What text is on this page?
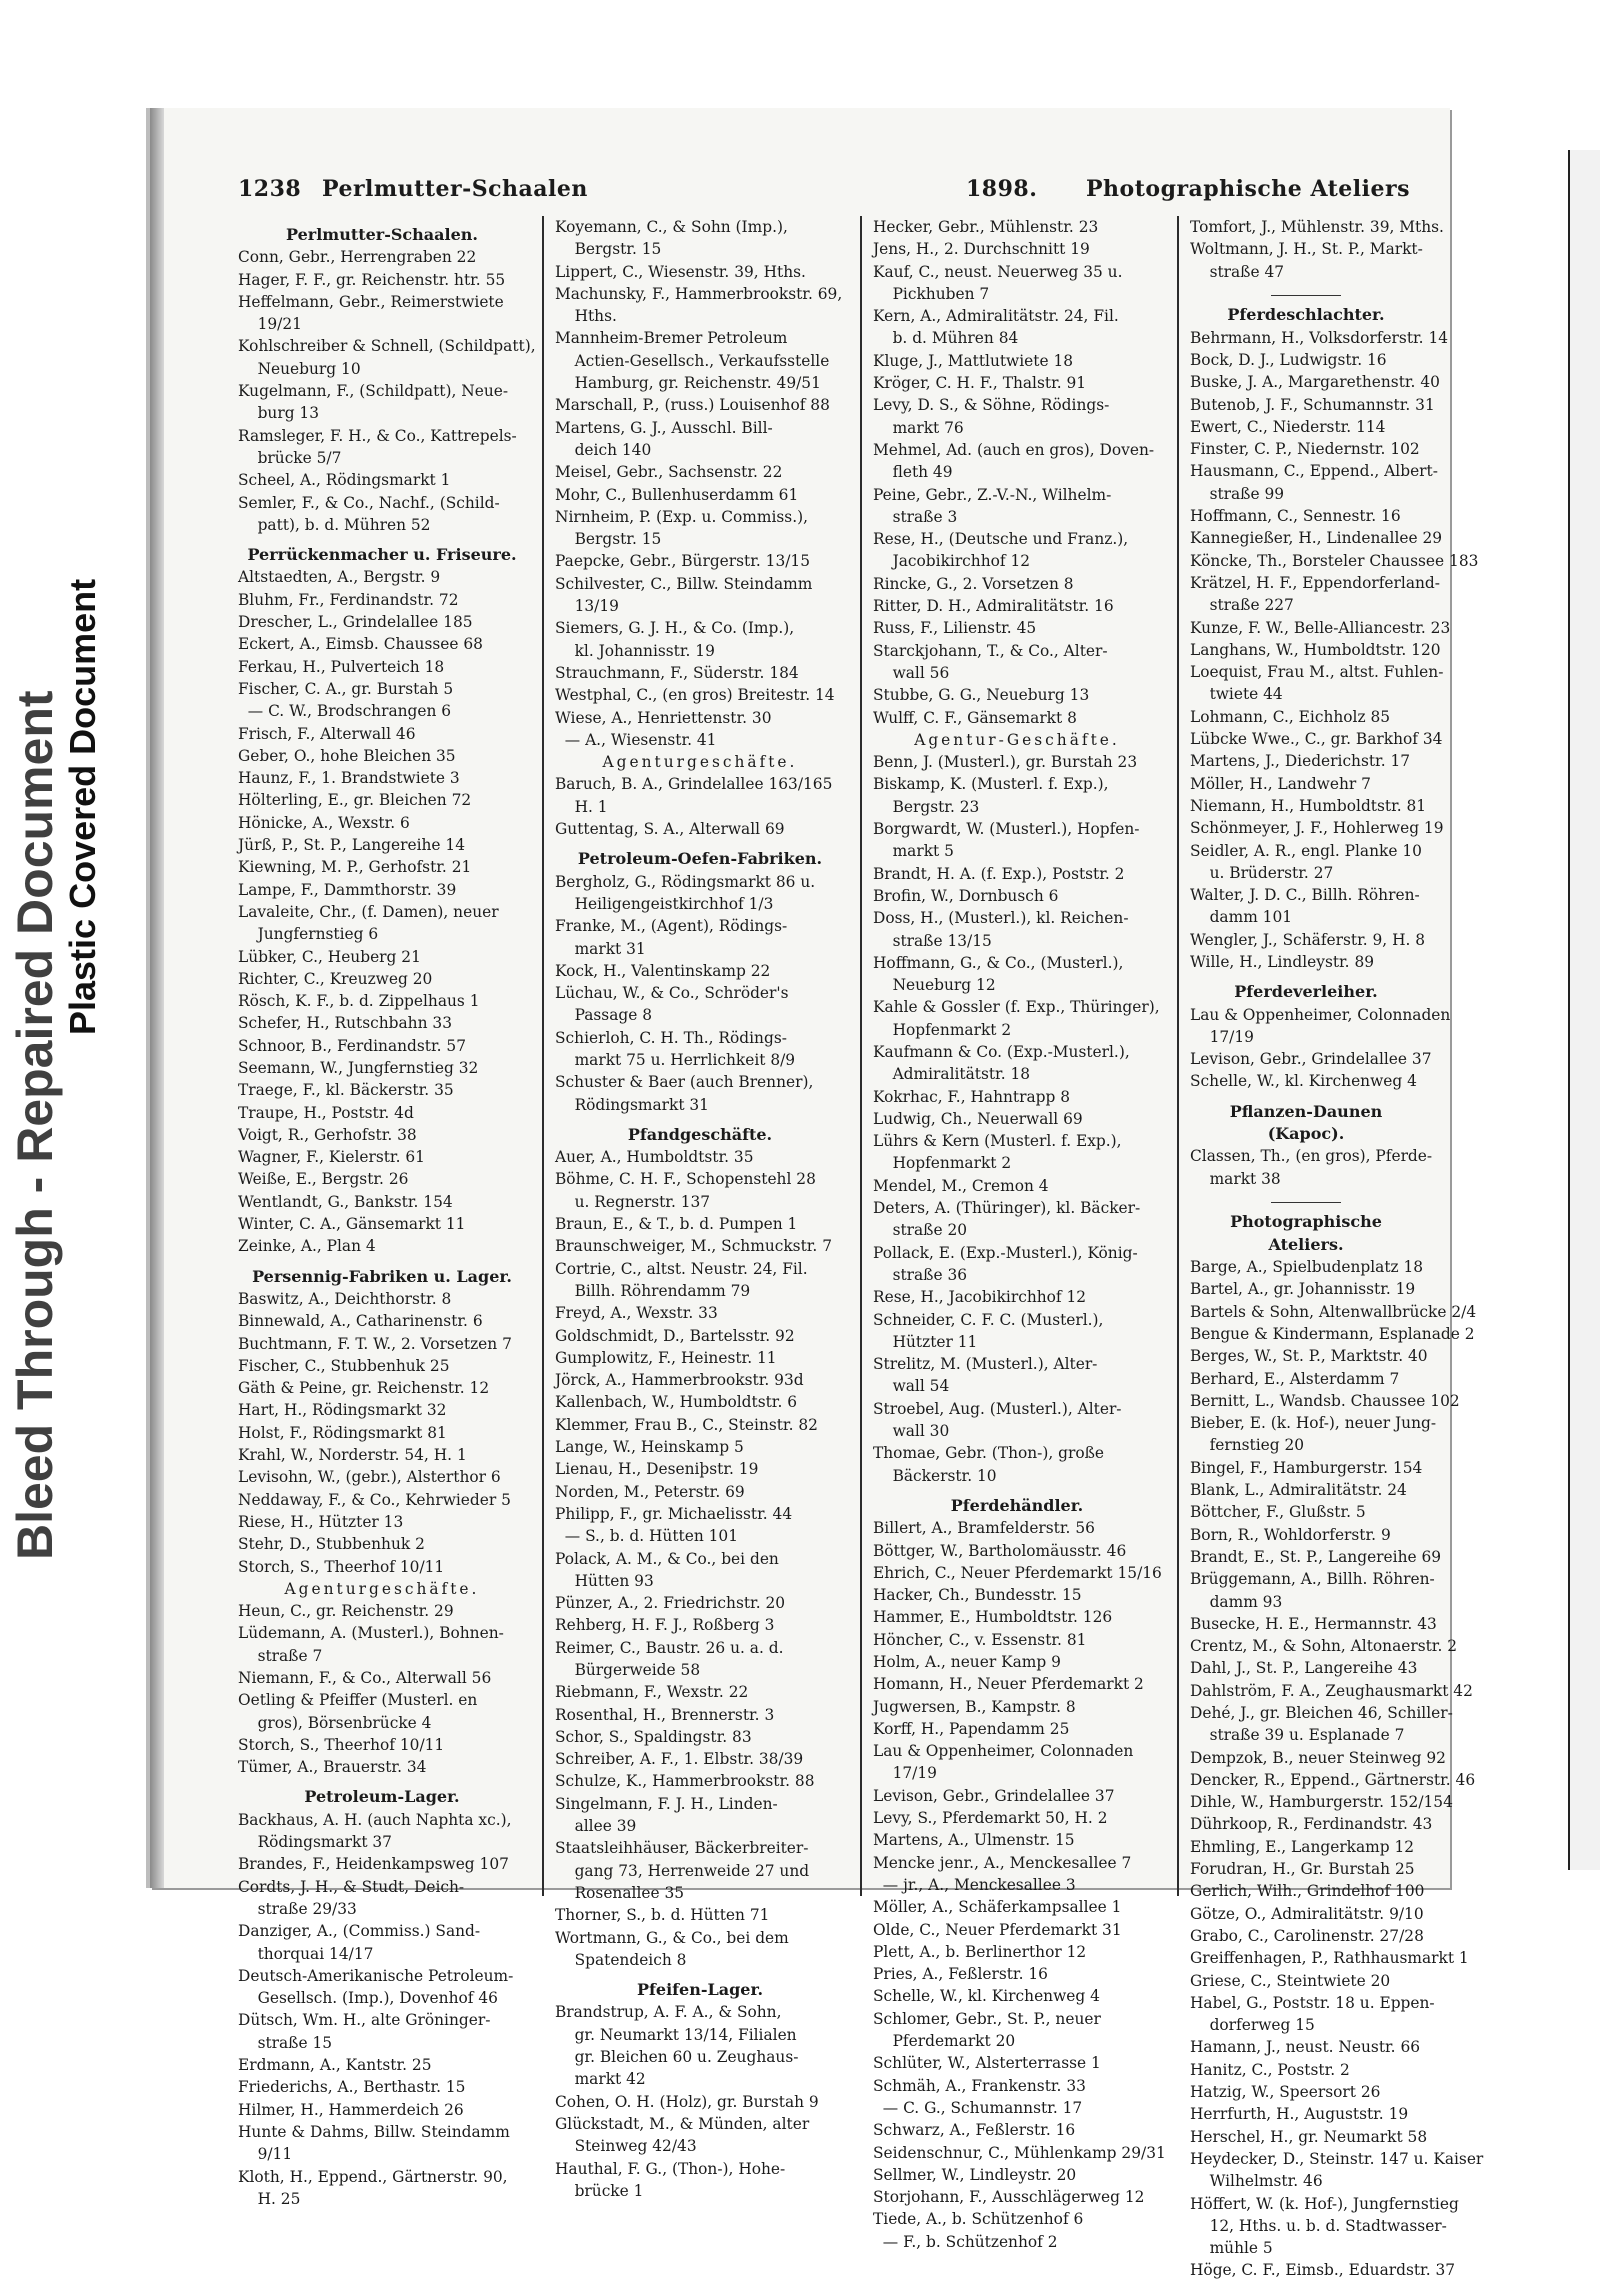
Bleed Through - Repaired Document Plastic Covered Document
1238 Perlmutter-Schaalen	1898. Photographische Ateliers
Perlmutter-Schaalen.
Conn, Gebr., Herrengraben 22
Hager, F. F., gr. Reichenstr. htr. 55
Heffelmann, Gebr., Reimerstwiete
19/21
Kohlschreiber & Schnell, (Schildpatt),
Neueburg 10
Kugelmann, F., (Schildpatt), Neue-
burg 13
Ramsleger, F. H., & Co., Kattrepels-
brücke 5/7
Scheel, A., Rödingsmarkt 1
Semler, F., & Co., Nachf., (Schild-
patt), b. d. Mühren 52
Perrückenmacher u. Friseure.
Altstaedten, A., Bergstr. 9
Bluhm, Fr., Ferdinandstr. 72
Drescher, L., Grindelallee 185
Eckert, A., Eimsb. Chaussee 68
Ferkau, H., Pulverteich 18
Fischer, C. A., gr. Burstah 5
— C. W., Brodschrangen 6
Frisch, F., Alterwall 46
Geber, O., hohe Bleichen 35
Haunz, F., 1. Brandstwiete 3
Hölterling, E., gr. Bleichen 72
Hönicke, A., Wexstr. 6
Jürß, P., St. P., Langereihe 14
Kiewning, M. P., Gerhofstr. 21
Lampe, F., Dammthorstr. 39
Lavaleite, Chr., (f. Damen), neuer
Jungfernstieg 6
Lübker, C., Heuberg 21
Richter, C., Kreuzweg 20
Rösch, K. F., b. d. Zippelhaus 1
Schefer, H., Rutschbahn 33
Schnoor, B., Ferdinandstr. 57
Seemann, W., Jungfernstieg 32
Traege, F., kl. Bäckerstr. 35
Traupe, H., Poststr. 4d
Voigt, R., Gerhofstr. 38
Wagner, F., Kielerstr. 61
Weiße, E., Bergstr. 26
Wentlandt, G., Bankstr. 154
Winter, C. A., Gänsemarkt 11
Zeinke, A., Plan 4
Persennig-Fabriken u. Lager.
Baswitz, A., Deichthorstr. 8
Binnewald, A., Catharinenstr. 6
Buchtmann, F. T. W., 2. Vorsetzen 7
Fischer, C., Stubbenhuk 25
Gäth & Peine, gr. Reichenstr. 12
Hart, H., Rödingsmarkt 32
Holst, F., Rödingsmarkt 81
Krahl, W., Norderstr. 54, H. 1
Levisohn, W., (gebr.), Alsterthor 6
Neddaway, F., & Co., Kehrwieder 5
Riese, H., Hützter 13
Stehr, D., Stubbenhuk 2
Storch, S., Theerhof 10/11
Agenturgeschäfte.
Heun, C., gr. Reichenstr. 29
Lüdemann, A. (Musterl.), Bohnen-
straße 7
Niemann, F., & Co., Alterwall 56
Oetling & Pfeiffer (Musterl. en
gros), Börsenbrücke 4
Storch, S., Theerhof 10/11
Tümer, A., Brauerstr. 34
Petroleum-Lager.
Backhaus, A. H. (auch Naphta xc.),
Rödingsmarkt 37
Brandes, F., Heidenkampsweg 107
Cordts, J. H., & Studt, Deich-
straße 29/33
Danziger, A., (Commiss.) Sand-
thorquai 14/17
Deutsch-Amerikanische Petroleum-
Gesellsch. (Imp.), Dovenhof 46
Dütsch, Wm. H., alte Gröninger-
straße 15
Erdmann, A., Kantstr. 25
Friederichs, A., Berthastr. 15
Hilmer, H., Hammerdeich 26
Hunte & Dahms, Billw. Steindamm
9/11
Kloth, H., Eppend., Gärtnerstr. 90,
H. 25
Koyemann, C., & Sohn (Imp.),
Bergstr. 15
Lippert, C., Wiesenstr. 39, Hths.
Machunsky, F., Hammerbrookstr. 69,
Hths.
Mannheim-Bremer Petroleum
Actien-Gesellsch., Verkaufsstelle
Hamburg, gr. Reichenstr. 49/51
Marschall, P., (russ.) Louisenhof 88
Martens, G. J., Ausschl. Bill-
deich 140
Meisel, Gebr., Sachsenstr. 22
Mohr, C., Bullenhuserdamm 61
Nirnheim, P. (Exp. u. Commiss.),
Bergstr. 15
Paepcke, Gebr., Bürgerstr. 13/15
Schilvester, C., Billw. Steindamm
13/19
Siemers, G. J. H., & Co. (Imp.),
kl. Johannisstr. 19
Strauchmann, F., Süderstr. 184
Westphal, C., (en gros) Breitestr. 14
Wiese, A., Henriettenstr. 30
— A., Wiesenstr. 41
Agenturgeschäfte.
Baruch, B. A., Grindelallee 163/165
H. 1
Guttentag, S. A., Alterwall 69
Petroleum-Oefen-Fabriken.
Bergholz, G., Rödingsmarkt 86 u.
Heiligengeistkirchhof 1/3
Franke, M., (Agent), Rödings-
markt 31
Kock, H., Valentinskamp 22
Lüchau, W., & Co., Schröder's
Passage 8
Schierloh, C. H. Th., Rödings-
markt 75 u. Herrlichkeit 8/9
Schuster & Baer (auch Brenner),
Rödingsmarkt 31
Pfandgeschäfte.
Auer, A., Humboldtstr. 35
Böhme, C. H. F., Schopenstehl 28
u. Regnerstr. 137
Braun, E., & T., b. d. Pumpen 1
Braunschweiger, M., Schmuckstr. 7
Cortrie, C., altst. Neustr. 24, Fil.
Billh. Röhrendamm 79
Freyd, A., Wexstr. 33
Goldschmidt, D., Bartelsstr. 92
Gumplowitz, F., Heinestr. 11
Jörck, A., Hammerbrookstr. 93d
Kallenbach, W., Humboldtstr. 6
Klemmer, Frau B., C., Steinstr. 82
Lange, W., Heinskamp 5
Lienau, H., Deseniþstr. 19
Norden, M., Peterstr. 69
Philipp, F., gr. Michaelisstr. 44
— S., b. d. Hütten 101
Polack, A. M., & Co., bei den
Hütten 93
Pünzer, A., 2. Friedrichstr. 20
Rehberg, H. F. J., Roßberg 3
Reimer, C., Baustr. 26 u. a. d.
Bürgerweide 58
Riebmann, F., Wexstr. 22
Rosenthal, H., Brennerstr. 3
Schor, S., Spaldingstr. 83
Schreiber, A. F., 1. Elbstr. 38/39
Schulze, K., Hammerbrookstr. 88
Singelmann, F. J. H., Linden-
allee 39
Staatsleihhäuser, Bäckerbreiter-
gang 73, Herrenweide 27 und
Rosenallee 35
Thorner, S., b. d. Hütten 71
Wortmann, G., & Co., bei dem
Spatendeich 8
Pfeifen-Lager.
Brandstrup, A. F. A., & Sohn,
gr. Neumarkt 13/14, Filialen
gr. Bleichen 60 u. Zeughaus-
markt 42
Cohen, O. H. (Holz), gr. Burstah 9
Glückstadt, M., & Münden, alter
Steinweg 42/43
Hauthal, F. G., (Thon-), Hohe-
brücke 1
Hecker, Gebr., Mühlenstr. 23
Jens, H., 2. Durchschnitt 19
Kauf, C., neust. Neuerweg 35 u.
Pickhuben 7
Kern, A., Admiralitätstr. 24, Fil.
b. d. Mühren 84
Kluge, J., Mattlutwiete 18
Kröger, C. H. F., Thalstr. 91
Levy, D. S., & Söhne, Rödings-
markt 76
Mehmel, Ad. (auch en gros), Doven-
fleth 49
Peine, Gebr., Z.-V.-N., Wilhelm-
straße 3
Rese, H., (Deutsche und Franz.),
Jacobikirchhof 12
Rincke, G., 2. Vorsetzen 8
Ritter, D. H., Admiralitätstr. 16
Russ, F., Lilienstr. 45
Starckjohann, T., & Co., Alter-
wall 56
Stubbe, G. G., Neueburg 13
Wulff, C. F., Gänsemarkt 8
Agentur-Geschäfte.
Benn, J. (Musterl.), gr. Burstah 23
Biskamp, K. (Musterl. f. Exp.),
Bergstr. 23
Borgwardt, W. (Musterl.), Hopfen-
markt 5
Brandt, H. A. (f. Exp.), Poststr. 2
Brofin, W., Dornbusch 6
Doss, H., (Musterl.), kl. Reichen-
straße 13/15
Hoffmann, G., & Co., (Musterl.),
Neueburg 12
Kahle & Gossler (f. Exp., Thüringer),
Hopfenmarkt 2
Kaufmann & Co. (Exp.-Musterl.),
Admiralitätstr. 18
Kokrhac, F., Hahntrapp 8
Ludwig, Ch., Neuerwall 69
Lührs & Kern (Musterl. f. Exp.),
Hopfenmarkt 2
Mendel, M., Cremon 4
Deters, A. (Thüringer), kl. Bäcker-
straße 20
Pollack, E. (Exp.-Musterl.), König-
straße 36
Rese, H., Jacobikirchhof 12
Schneider, C. F. C. (Musterl.),
Hützter 11
Strelitz, M. (Musterl.), Alter-
wall 54
Stroebel, Aug. (Musterl.), Alter-
wall 30
Thomae, Gebr. (Thon-), große
Bäckerstr. 10
Pferdehändler.
Billert, A., Bramfelderstr. 56
Böttger, W., Bartholomäusstr. 46
Ehrich, C., Neuer Pferdemarkt 15/16
Hacker, Ch., Bundesstr. 15
Hammer, E., Humboldtstr. 126
Höncher, C., v. Essenstr. 81
Holm, A., neuer Kamp 9
Homann, H., Neuer Pferdemarkt 2
Jugwersen, B., Kampstr. 8
Korff, H., Papendamm 25
Lau & Oppenheimer, Colonnaden
17/19
Levison, Gebr., Grindelallee 37
Levy, S., Pferdemarkt 50, H. 2
Martens, A., Ulmenstr. 15
Mencke jenr., A., Menckesallee 7
— jr., A., Menckesallee 3
Möller, A., Schäferkampsallee 1
Olde, C., Neuer Pferdemarkt 31
Plett, A., b. Berlinerthor 12
Pries, A., Feßlerstr. 16
Schelle, W., kl. Kirchenweg 4
Schlomer, Gebr., St. P., neuer
Pferdemarkt 20
Schlüter, W., Alsterterrasse 1
Schmäh, A., Frankenstr. 33
— C. G., Schumannstr. 17
Schwarz, A., Feßlerstr. 16
Seidenschnur, C., Mühlenkamp 29/31
Sellmer, W., Lindleystr. 20
Storjohann, F., Ausschlägerweg 12
Tiede, A., b. Schützenhof 6
— F., b. Schützenhof 2
Tomfort, J., Mühlenstr. 39, Mths.
Woltmann, J. H., St. P., Markt-
straße 47
Pferdeschlachter.
Behrmann, H., Volksdorferstr. 14
Bock, D. J., Ludwigstr. 16
Buske, J. A., Margarethenstr. 40
Butenob, J. F., Schumannstr. 31
Ewert, C., Niederstr. 114
Finster, C. P., Niedernstr. 102
Hausmann, C., Eppend., Albert-
straße 99
Hoffmann, C., Sennestr. 16
Kannegießer, H., Lindenallee 29
Köncke, Th., Borsteler Chaussee 183
Krätzel, H. F., Eppendorferland-
straße 227
Kunze, F. W., Belle-Alliancestr. 23
Langhans, W., Humboldtstr. 120
Loequist, Frau M., altst. Fuhlen-
twiete 44
Lohmann, C., Eichholz 85
Lübcke Wwe., C., gr. Barkhof 34
Martens, J., Diederichstr. 17
Möller, H., Landwehr 7
Niemann, H., Humboldtstr. 81
Schönmeyer, J. F., Hohlerweg 19
Seidler, A. R., engl. Planke 10
u. Brüderstr. 27
Walter, J. D. C., Billh. Röhren-
damm 101
Wengler, J., Schäferstr. 9, H. 8
Wille, H., Lindleystr. 89
Pferdeverleiher.
Lau & Oppenheimer, Colonnaden
17/19
Levison, Gebr., Grindelallee 37
Schelle, W., kl. Kirchenweg 4
Pflanzen-Daunen (Kapoc).
Classen, Th., (en gros), Pferde-
markt 38
Photographische Ateliers.
Barge, A., Spielbudenplatz 18
Bartel, A., gr. Johannisstr. 19
Bartels & Sohn, Altenwallbrücke 2/4
Bengue & Kindermann, Esplanade 2
Berges, W., St. P., Marktstr. 40
Berhard, E., Alsterdamm 7
Bernitt, L., Wandsb. Chaussee 102
Bieber, E. (k. Hof-), neuer Jung-
fernstieg 20
Bingel, F., Hamburgerstr. 154
Blank, L., Admiralitätstr. 24
Böttcher, F., Glußstr. 5
Born, R., Wohldorferstr. 9
Brandt, E., St. P., Langereihe 69
Brüggemann, A., Billh. Röhren-
damm 93
Busecke, H. E., Hermannstr. 43
Crentz, M., & Sohn, Altonaerstr. 2
Dahl, J., St. P., Langereihe 43
Dahlström, F. A., Zeughausmarkt 42
Dehé, J., gr. Bleichen 46, Schiller-
straße 39 u. Esplanade 7
Dempzok, B., neuer Steinweg 92
Dencker, R., Eppend., Gärtnerstr. 46
Dihle, W., Hamburgerstr. 152/154
Dührkoop, R., Ferdinandstr. 43
Ehmling, E., Langerkamp 12
Forudran, H., Gr. Burstah 25
Gerlich, Wilh., Grindelhof 100
Götze, O., Admiralitätstr. 9/10
Grabo, C., Carolinenstr. 27/28
Greiffenhagen, P., Rathhausmarkt 1
Griese, C., Steintwiete 20
Habel, G., Poststr. 18 u. Eppen-
dorferweg 15
Hamann, J., neust. Neustr. 66
Hanitz, C., Poststr. 2
Hatzig, W., Speersort 26
Herrfurth, H., Auguststr. 19
Herschel, H., gr. Neumarkt 58
Heydecker, D., Steinstr. 147 u. Kaiser
Wilhelmstr. 46
Höffert, W. (k. Hof-), Jungfernstieg
12, Hths. u. b. d. Stadtwasser-
mühle 5
Höge, C. F., Eimsb., Eduardstr. 37
